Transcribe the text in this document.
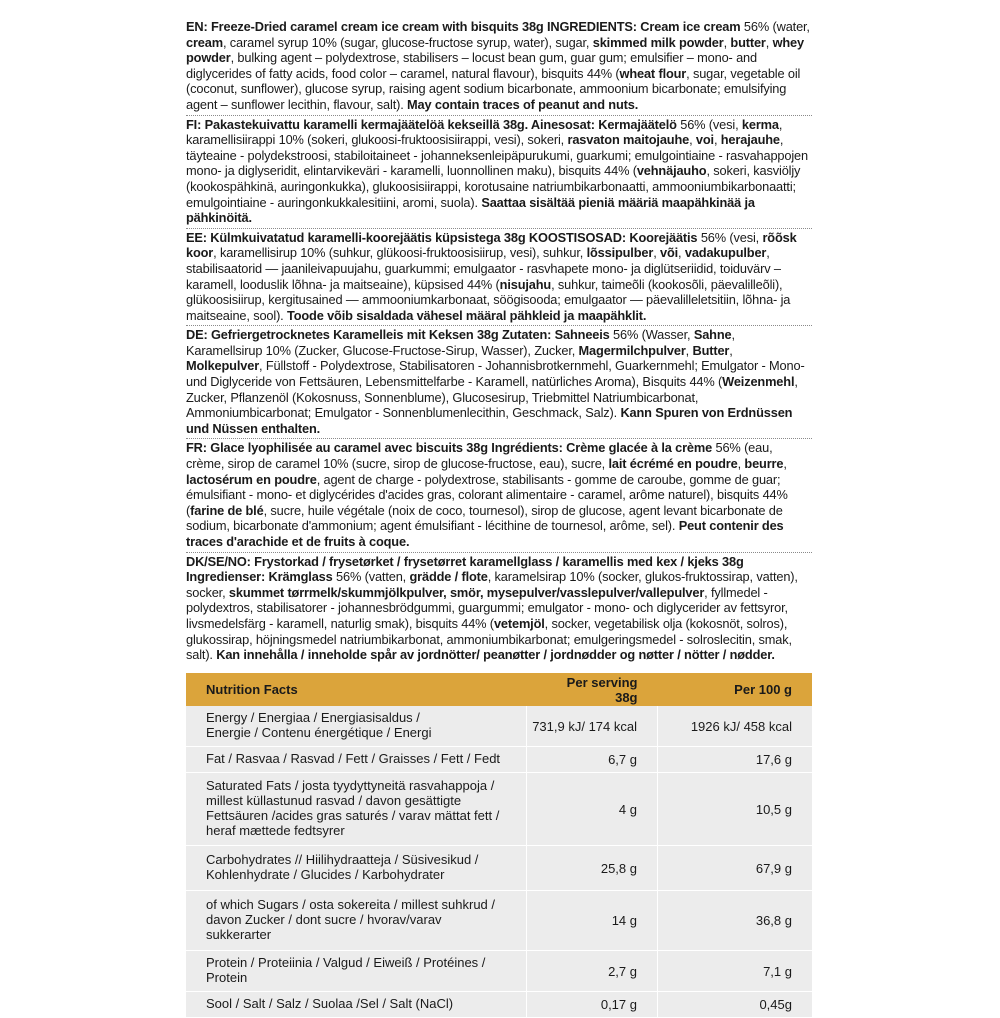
EN: Freeze-Dried caramel cream ice cream with bisquits 38g INGREDIENTS: Cream ice cream 56% (water, cream, caramel syrup 10% (sugar, glucose-fructose syrup, water), sugar, skimmed milk powder, butter, whey powder, bulking agent – polydextrose, stabilisers – locust bean gum, guar gum; emulsifier – mono- and diglycerides of fatty acids, food color – caramel, natural flavour), bisquits 44% (wheat flour, sugar, vegetable oil (coconut, sunflower), glucose syrup, raising agent sodium bicarbonate, ammoonium bicarbonate; emulsifying agent – sunflower lecithin, flavour, salt). May contain traces of peanut and nuts.

FI: Pakastekuivattu karamelli kermajäätelöä kekseillä 38g. Ainesosat: Kermajäätelö 56% (vesi, kerma, karamellisiirappi 10% (sokeri, glukoosi-fruktoosisiirappi, vesi), sokeri, rasvaton maitojauhe, voi, herajauhe, täyteaine - polydekstroosi, stabiloitaineet - johanneksenleipäpurukumi, guarkumi; emulgointiaine - rasvahappojen mono- ja diglyseridit, elintarvikeväri - karamelli, luonnollinen maku), bisquits 44% (vehnäjauho, sokeri, kasviöljy (kookospähkinä, auringonkukka), glukoosisiirappi, korotusaine natriumbikarbonaatti, ammooniumbikarbonaatti; emulgointiaine - auringonkukkalesitiini, aromi, suola). Saattaa sisältää pieniä määriä maapähkinää ja pähkinöitä.

EE: Külmkuivatatud karamelli-koorejäätis küpsistega 38g KOOSTISOSAD: Koorejäätis 56% (vesi, rõõsk koor, karamellisirup 10% (suhkur, glükoosi-fruktoosisiirup, vesi), suhkur, lõssipulber, või, vadakupulber, stabilisaatorid — jaanileivapuujahu, guarkummi; emulgaator - rasvhapete mono- ja diglütseriidid, toiduvärv – karamell, looduslik lõhna- ja maitseaine), küpsised 44% (nisujahu, suhkur, taimeõli (kookosõli, päevalilleõli), glükoosisiirup, kergitusained — ammooniumkarbonaat, söögisooda; emulgaator — päevalilleletsitiin, lõhna- ja maitseaine, sool). Toode võib sisaldada vähesel määral pähkleid ja maapähklit.

DE: Gefriergetrocknetes Karamelleis mit Keksen 38g Zutaten: Sahneeis 56% (Wasser, Sahne, Karamellsirup 10% (Zucker, Glucose-Fructose-Sirup, Wasser), Zucker, Magermilchpulver, Butter, Molkepulver, Füllstoff - Polydextrose, Stabilisatoren - Johannisbrotkernmehl, Guarkernmehl; Emulgator - Mono- und Diglyceride von Fettsäuren, Lebensmittelfarbe - Karamell, natürliches Aroma), Bisquits 44% (Weizenmehl, Zucker, Pflanzenöl (Kokosnuss, Sonnenblume), Glucosesirup, Triebmittel Natriumbicarbonat, Ammoniumbicarbonat; Emulgator - Sonnenblumenlecithin, Geschmack, Salz). Kann Spuren von Erdnüssen und Nüssen enthalten.

FR: Glace lyophilisée au caramel avec biscuits 38g Ingrédients: Crème glacée à la crème 56% (eau, crème, sirop de caramel 10% (sucre, sirop de glucose-fructose, eau), sucre, lait écrémé en poudre, beurre, lactosérum en poudre, agent de charge - polydextrose, stabilisants - gomme de caroube, gomme de guar; émulsifiant - mono- et diglycérides d'acides gras, colorant alimentaire - caramel, arôme naturel), bisquits 44% (farine de blé, sucre, huile végétale (noix de coco, tournesol), sirop de glucose, agent levant bicarbonate de sodium, bicarbonate d'ammonium; agent émulsifiant - lécithine de tournesol, arôme, sel). Peut contenir des traces d'arachide et de fruits à coque.

DK/SE/NO: Frystorkad / frysetørket / frysetørret karamellglass / karamellis med kex / kjeks 38g Ingredienser: Krämglass 56% (vatten, grädde / flote, karamelsirap 10% (socker, glukos-fruktossirap, vatten), socker, skummet tørrmelk/skummjölkpulver, smör, mysepulver/vasslepulver/vallepulver, fyllmedel - polydextros, stabilisatorer - johannesbrödgummi, guargummi; emulgator - mono- och diglycerider av fettsyror, livsmedelsfärg - karamell, naturlig smak), bisquits 44% (vetemjöl, socker, vegetabilisk olja (kokosnöt, solros), glukossirap, höjningsmedel natriumbikarbonat, ammoniumbikarbonat; emulgeringsmedel - solroslecitin, smak, salt). Kan innehålla / inneholde spår av jordnötter/ peanøtter / jordnødder og nøtter / nötter / nødder.

Nutrition Facts	Per serving 38g	Per 100 g

Energy / Energiaa / Energiasisaldus /
Energie / Contenu énergétique / Energi	731,9 kJ/ 174 kcal	1926 kJ/ 458 kcal

Fat / Rasvaa / Rasvad / Fett / Graisses / Fett / Fedt	6,7 g	17,6 g

Saturated Fats / josta tyydyttyneitä rasvahappoja /
millest küllastunud rasvad / davon gesättigte
Fettsäuren /acides gras saturés / varav mättat fett /
heraf mættede fedtsyrer	4 g	10,5 g

Carbohydrates // Hiilihydraatteja / Süsivesikud /
Kohlenhydrate / Glucides / Karbohydrater	25,8 g	67,9 g

of which Sugars / osta sokereita / millest suhkrud /
davon Zucker / dont sucre / hvorav/varav sukkerarter	14 g	36,8 g

Protein / Proteiinia / Valgud / Eiweiß / Protéines / Protein	2,7 g	7,1 g

Sool / Salt / Salz / Suolaa /Sel / Salt (NaCl)	0,17 g	0,45g
